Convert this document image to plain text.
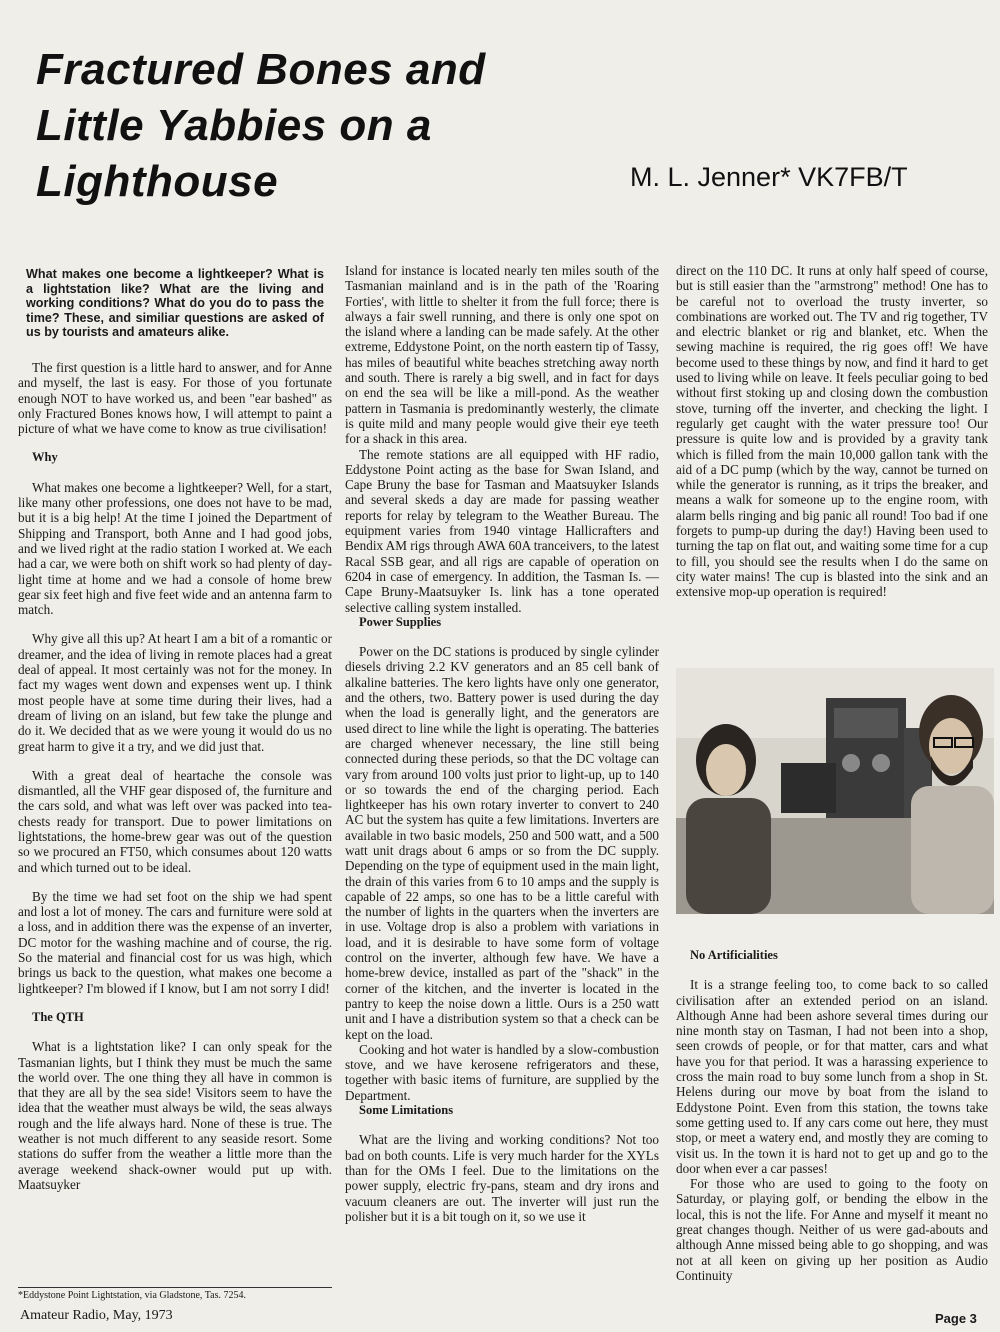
Fractured Bones and
Little Yabbies on a
Lighthouse	M. L. Jenner* VK7FB/T
What makes one become a lightkeeper? What is a lightstation like? What are the living and working conditions? What do you do to pass the time? These, and similiar questions are asked of us by tourists and amateurs alike.

The first question is a little hard to answer, and for Anne and myself, the last is easy. For those of you fortunate enough NOT to have worked us, and been "ear bashed" as only Fractured Bones knows how, I will attempt to paint a picture of what we have come to know as true civilisation!

Why

What makes one become a lightkeeper? Well, for a start, like many other professions, one does not have to be mad, but it is a big help! At the time I joined the Department of Shipping and Transport, both Anne and I had good jobs, and we lived right at the radio station I worked at. We each had a car, we were both on shift work so had plenty of day-light time at home and we had a console of home brew gear six feet high and five feet wide and an antenna farm to match.

Why give all this up? At heart I am a bit of a romantic or dreamer, and the idea of living in remote places had a great deal of appeal. It most certainly was not for the money. In fact my wages went down and expenses went up. I think most people have at some time during their lives, had a dream of living on an island, but few take the plunge and do it. We decided that as we were young it would do us no great harm to give it a try, and we did just that.

With a great deal of heartache the console was dismantled, all the VHF gear disposed of, the furniture and the cars sold, and what was left over was packed into tea-chests ready for transport. Due to power limitations on lightstations, the home-brew gear was out of the question so we procured an FT50, which consumes about 120 watts and which turned out to be ideal.

By the time we had set foot on the ship we had spent and lost a lot of money. The cars and furniture were sold at a loss, and in addition there was the expense of an inverter, DC motor for the washing machine and of course, the rig. So the material and financial cost for us was high, which brings us back to the question, what makes one become a lightkeeper? I'm blowed if I know, but I am not sorry I did!

The QTH

What is a lightstation like? I can only speak for the Tasmanian lights, but I think they must be much the same the world over. The one thing they all have in common is that they are all by the sea side! Visitors seem to have the idea that the weather must always be wild, the seas always rough and the life always hard. None of these is true. The weather is not much different to any seaside resort. Some stations do suffer from the weather a little more than the average weekend shack-owner would put up with. Maatsuyker

Island for instance is located nearly ten miles south of the Tasmanian mainland and is in the path of the 'Roaring Forties', with little to shelter it from the full force; there is always a fair swell running, and there is only one spot on the island where a landing can be made safely. At the other extreme, Eddystone Point, on the north eastern tip of Tassy, has miles of beautiful white beaches stretching away north and south. There is rarely a big swell, and in fact for days on end the sea will be like a mill-pond. As the weather pattern in Tasmania is predominantly westerly, the climate is quite mild and many people would give their eye teeth for a shack in this area.

The remote stations are all equipped with HF radio, Eddystone Point acting as the base for Swan Island, and Cape Bruny the base for Tasman and Maatsuyker Islands and several skeds a day are made for passing weather reports for relay by telegram to the Weather Bureau. The equipment varies from 1940 vintage Hallicrafters and Bendix AM rigs through AWA 60A tranceivers, to the latest Racal SSB gear, and all rigs are capable of operation on 6204 in case of emergency. In addition, the Tasman Is. — Cape Bruny-Maatsuyker Is. link has a tone operated selective calling system installed.

Power Supplies

Power on the DC stations is produced by single cylinder diesels driving 2.2 KV generators and an 85 cell bank of alkaline batteries. The kero lights have only one generator, and the others, two. Battery power is used during the day when the load is generally light, and the generators are used direct to line while the light is operating. The batteries are charged whenever necessary, the line still being connected during these periods, so that the DC voltage can vary from around 100 volts just prior to light-up, up to 140 or so towards the end of the charging period. Each lightkeeper has his own rotary inverter to convert to 240 AC but the system has quite a few limitations. Inverters are available in two basic models, 250 and 500 watt, and a 500 watt unit drags about 6 amps or so from the DC supply. Depending on the type of equipment used in the main light, the drain of this varies from 6 to 10 amps and the supply is capable of 22 amps, so one has to be a little careful with the number of lights in the quarters when the inverters are in use. Voltage drop is also a problem with variations in load, and it is desirable to have some form of voltage control on the inverter, although few have. We have a home-brew device, installed as part of the "shack" in the corner of the kitchen, and the inverter is located in the pantry to keep the noise down a little. Ours is a 250 watt unit and I have a distribution system so that a check can be kept on the load.

Cooking and hot water is handled by a slow-combustion stove, and we have kerosene refrigerators and these, together with basic items of furniture, are supplied by the Department.

Some Limitations

What are the living and working conditions? Not too bad on both counts. Life is very much harder for the XYLs than for the OMs I feel. Due to the limitations on the power supply, electric fry-pans, steam and dry irons and vacuum cleaners are out. The inverter will just run the polisher but it is a bit tough on it, so we use it

direct on the 110 DC. It runs at only half speed of course, but is still easier than the "armstrong" method! One has to be careful not to overload the trusty inverter, so combinations are worked out. The TV and rig together, TV and electric blanket or rig and blanket, etc. When the sewing machine is required, the rig goes off! We have become used to these things by now, and find it hard to get used to living while on leave. It feels peculiar going to bed without first stoking up and closing down the combustion stove, turning off the inverter, and checking the light. I regularly get caught with the water pressure too! Our pressure is quite low and is provided by a gravity tank which is filled from the main 10,000 gallon tank with the aid of a DC pump (which by the way, cannot be turned on while the generator is running, as it trips the breaker, and means a walk for someone up to the engine room, with alarm bells ringing and big panic all round! Too bad if one forgets to pump-up during the day!) Having been used to turning the tap on flat out, and waiting some time for a cup to fill, you should see the results when I do the same on city water mains! The cup is blasted into the sink and an extensive mop-up operation is required!

No Artificialities

It is a strange feeling too, to come back to so called civilisation after an extended period on an island. Although Anne had been ashore several times during our nine month stay on Tasman, I had not been into a shop, seen crowds of people, or for that matter, cars and what have you for that period. It was a harassing experience to cross the main road to buy some lunch from a shop in St. Helens during our move by boat from the island to Eddystone Point. Even from this station, the towns take some getting used to. If any cars come out here, they must stop, or meet a watery end, and mostly they are coming to visit us. In the town it is hard not to get up and go to the door when ever a car passes!

For those who are used to going to the footy on Saturday, or playing golf, or bending the elbow in the local, this is not the life. For Anne and myself it meant no great changes though. Neither of us were gad-abouts and although Anne missed being able to go shopping, and was not at all keen on giving up her position as Audio Continuity

*Eddystone Point Lightstation, via Gladstone, Tas. 7254.
Amateur Radio, May, 1973	Page 3
